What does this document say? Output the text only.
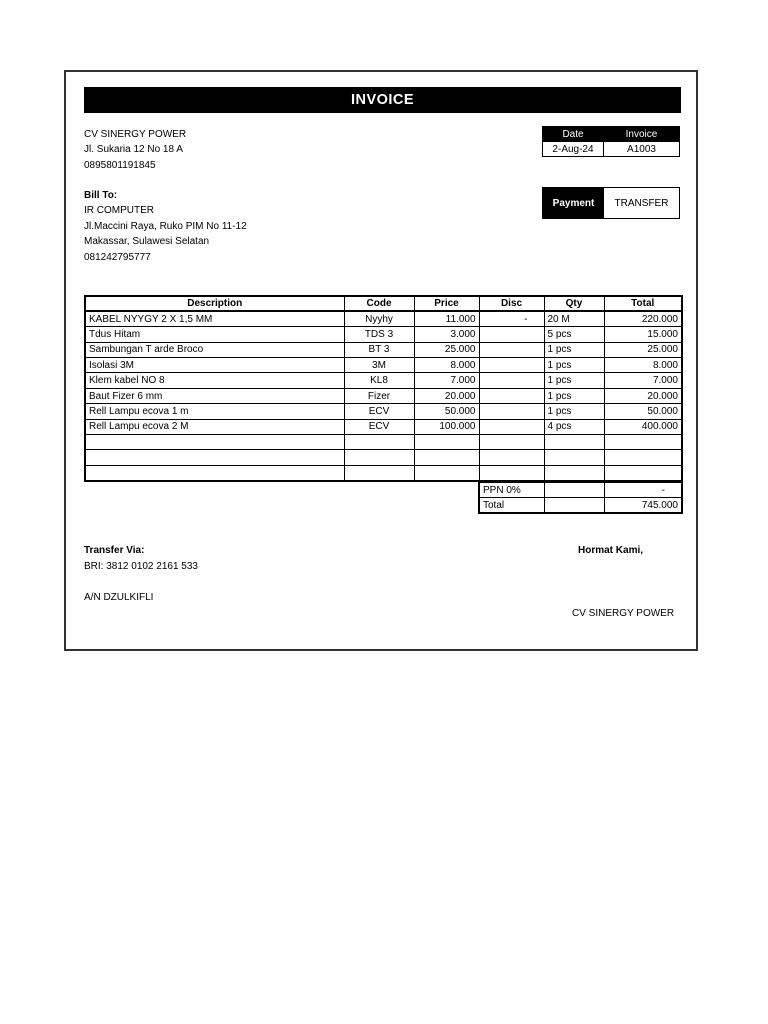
INVOICE
CV SINERGY POWER
Jl. Sukaria 12 No 18 A
0895801191845
Date	Invoice
2-Aug-24	A1003
Bill To:
IR COMPUTER
Jl.Maccini Raya, Ruko PIM No 11-12
Makassar, Sulawesi Selatan
081242795777
Payment	TRANSFER
Description	Code	Price	Disc	Qty	Total
KABEL NYYGY 2 X 1,5 MM	Nyyhy	11.000	-	20 M	220.000
Tdus Hitam	TDS 3	3.000		5 pcs	15.000
Sambungan T arde Broco	BT 3	25.000		1 pcs	25.000
Isolasi 3M	3M	8.000		1 pcs	8.000
Klem kabel NO 8	KL8	7.000		1 pcs	7.000
Baut Fizer 6 mm	Fizer	20.000		1 pcs	20.000
Rell Lampu ecova 1 m	ECV	50.000		1 pcs	50.000
Rell Lampu ecova 2 M	ECV	100.000		4 pcs	400.000

PPN 0%		-
Total		745.000
Transfer Via:
BRI: 3812 0102 2161 533
A/N DZULKIFLI
Hormat Kami,
CV SINERGY POWER
